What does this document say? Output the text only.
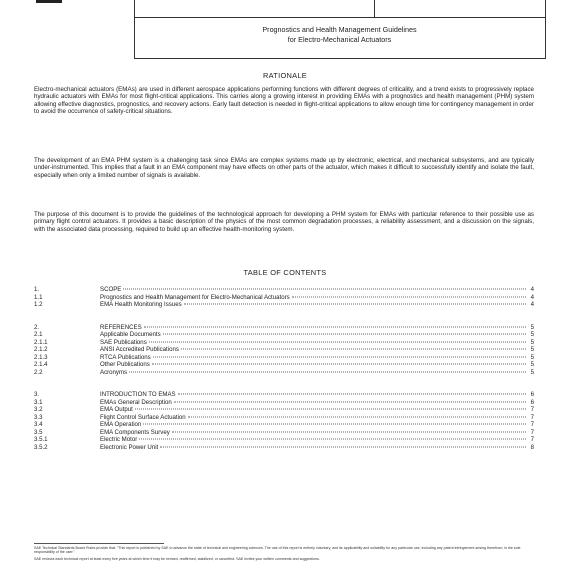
Prognostics and Health Management Guidelines
for Electro-Mechanical Actuators
RATIONALE

Electro-mechanical actuators (EMAs) are used in different aerospace applications performing functions with different degrees of criticality, and a trend exists to progressively replace hydraulic actuators with EMAs for most flight-critical applications. This carries along a growing interest in providing EMAs with a prognostics and health management (PHM) system allowing effective diagnostics, prognostics, and recovery actions. Early fault detection is needed in flight-critical applications to allow enough time for contingency management in order to avoid the occurrence of safety-critical situations.

The development of an EMA PHM system is a challenging task since EMAs are complex systems made up by electronic, electrical, and mechanical subsystems, and are typically under-instrumented. This implies that a fault in an EMA component may have effects on other parts of the actuator, which makes it difficult to successfully identify and isolate the fault, especially when only a limited number of signals is available.

The purpose of this document is to provide the guidelines of the technological approach for developing a PHM system for EMAs with particular reference to their possible use as primary flight control actuators. It provides a basic description of the physics of the most common degradation processes, a reliability assessment, and a discussion on the signals, with the associated data processing, required to build up an effective health-monitoring system.

TABLE OF CONTENTS
1.	SCOPE	4
1.1	Prognostics and Health Management for Electro-Mechanical Actuators	4
1.2	EMA Health Monitoring Issues	4
2.	REFERENCES	5
2.1	Applicable Documents	5
2.1.1	SAE Publications	5
2.1.2	ANSI Accredited Publications	5
2.1.3	RTCA Publications	5
2.1.4	Other Publications	5
2.2	Acronyms	5
3.	INTRODUCTION TO EMAS	6
3.1	EMAs General Description	6
3.2	EMA Output	7
3.3	Flight Control Surface Actuation	7
3.4	EMA Operation	7
3.5	EMA Components Survey	7
3.5.1	Electric Motor	7
3.5.2	Electronic Power Unit	8

SAE Technical Standards Board Rules provide that: "This report is published by SAE to advance the state of technical and engineering sciences. The use of this report is entirely voluntary, and its applicability and suitability for any particular use, including any patent infringement arising therefrom, is the sole responsibility of the user."

SAE reviews each technical report at least every five years at which time it may be revised, reaffirmed, stabilized, or cancelled. SAE invites your written comments and suggestions.
